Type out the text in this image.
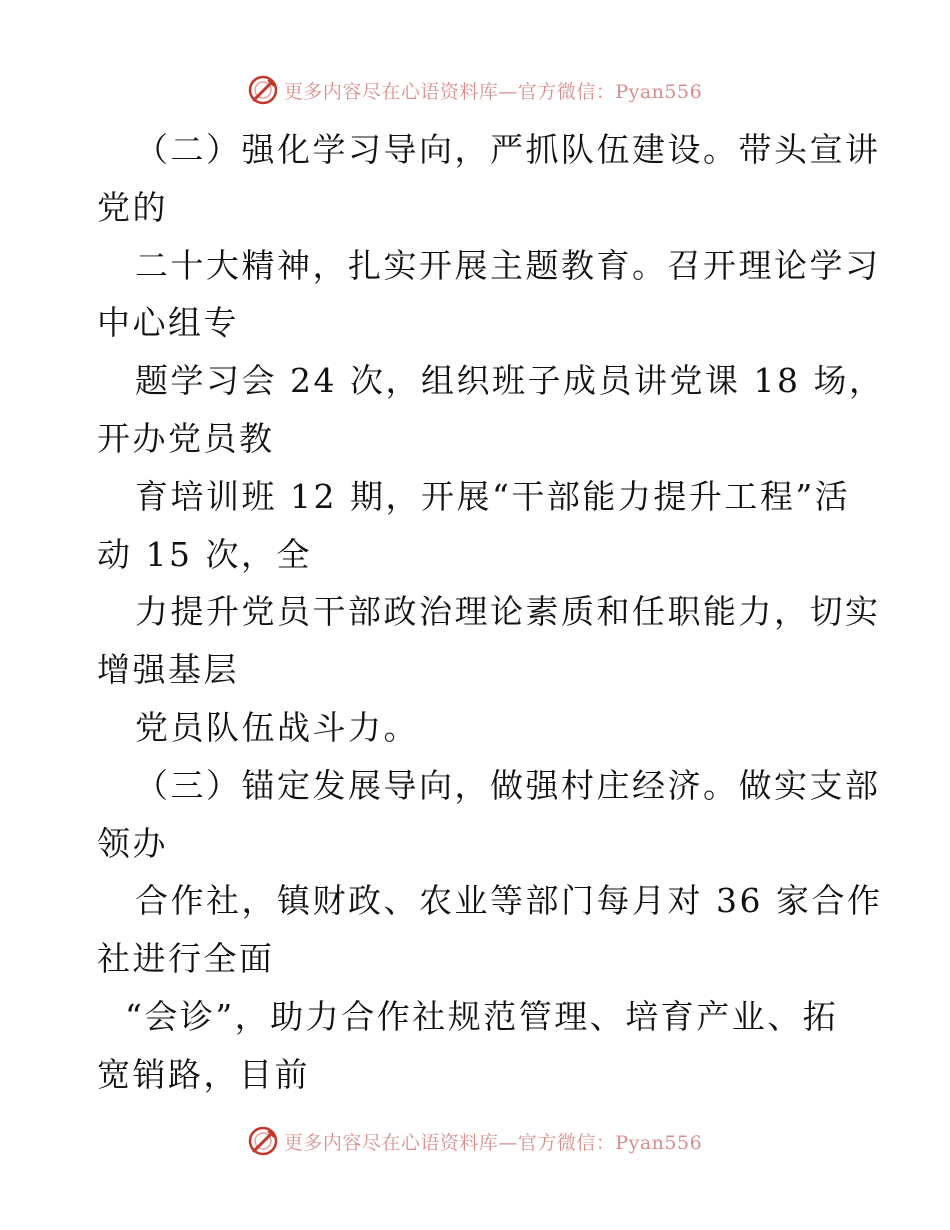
更多内容尽在心语资料库—官方微信：Pyan556
（二）强化学习导向，严抓队伍建设。带头宣讲
党的
二十大精神，扎实开展主题教育。召开理论学习
中心组专
题学习会 24 次，组织班子成员讲党课 18 场，
开办党员教
育培训班 12 期，开展“干部能力提升工程”活
动 15 次，全
力提升党员干部政治理论素质和任职能力，切实
增强基层
党员队伍战斗力。
（三）锚定发展导向，做强村庄经济。做实支部
领办
合作社，镇财政、农业等部门每月对 36 家合作
社进行全面
“会诊”，助力合作社规范管理、培育产业、拓
宽销路，目前
更多内容尽在心语资料库—官方微信：Pyan556
